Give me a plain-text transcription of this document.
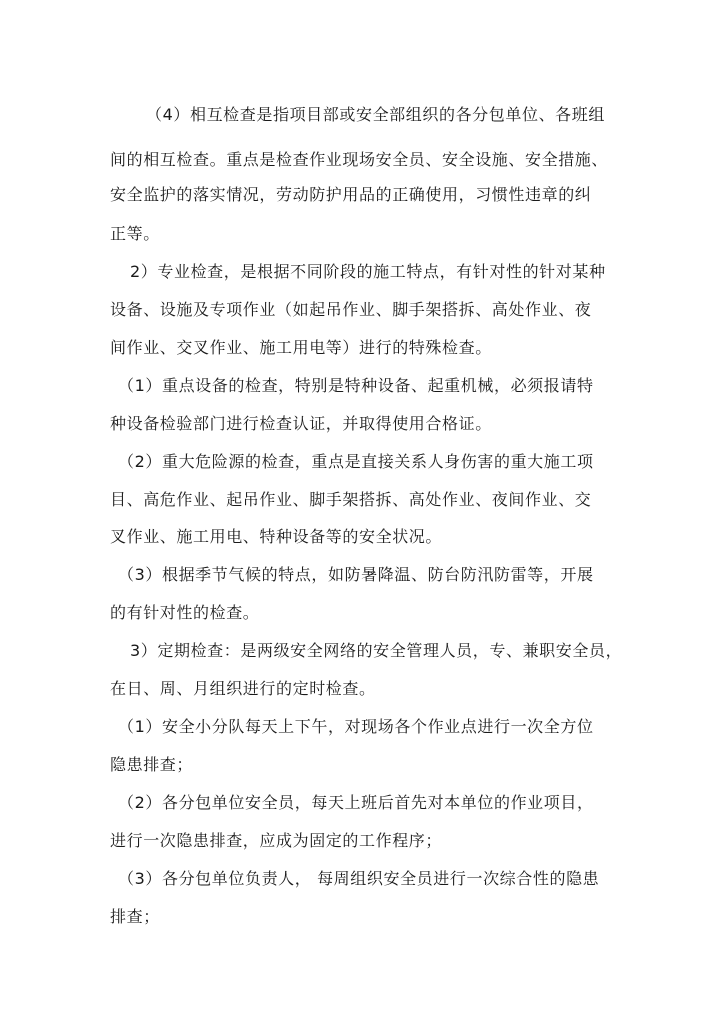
（4）相互检查是指项目部或安全部组织的各分包单位、各班组
间的相互检查。重点是检查作业现场安全员、安全设施、安全措施、
安全监护的落实情况，劳动防护用品的正确使用，习惯性违章的纠
正等。
2）专业检查，是根据不同阶段的施工特点，有针对性的针对某种
设备、设施及专项作业（如起吊作业、脚手架搭拆、高处作业、夜
间作业、交叉作业、施工用电等）进行的特殊检查。
（1）重点设备的检查，特别是特种设备、起重机械，必须报请特
种设备检验部门进行检查认证，并取得使用合格证。
（2）重大危险源的检查，重点是直接关系人身伤害的重大施工项
目、高危作业、起吊作业、脚手架搭拆、高处作业、夜间作业、交
叉作业、施工用电、特种设备等的安全状况。
（3）根据季节气候的特点，如防暑降温、防台防汛防雷等，开展
的有针对性的检查。
3）定期检查：是两级安全网络的安全管理人员，专、兼职安全员，
在日、周、月组织进行的定时检查。
（1）安全小分队每天上下午，对现场各个作业点进行一次全方位
隐患排查；
（2）各分包单位安全员，每天上班后首先对本单位的作业项目，
进行一次隐患排查，应成为固定的工作程序；
（3）各分包单位负责人， 每周组织安全员进行一次综合性的隐患
排查；
